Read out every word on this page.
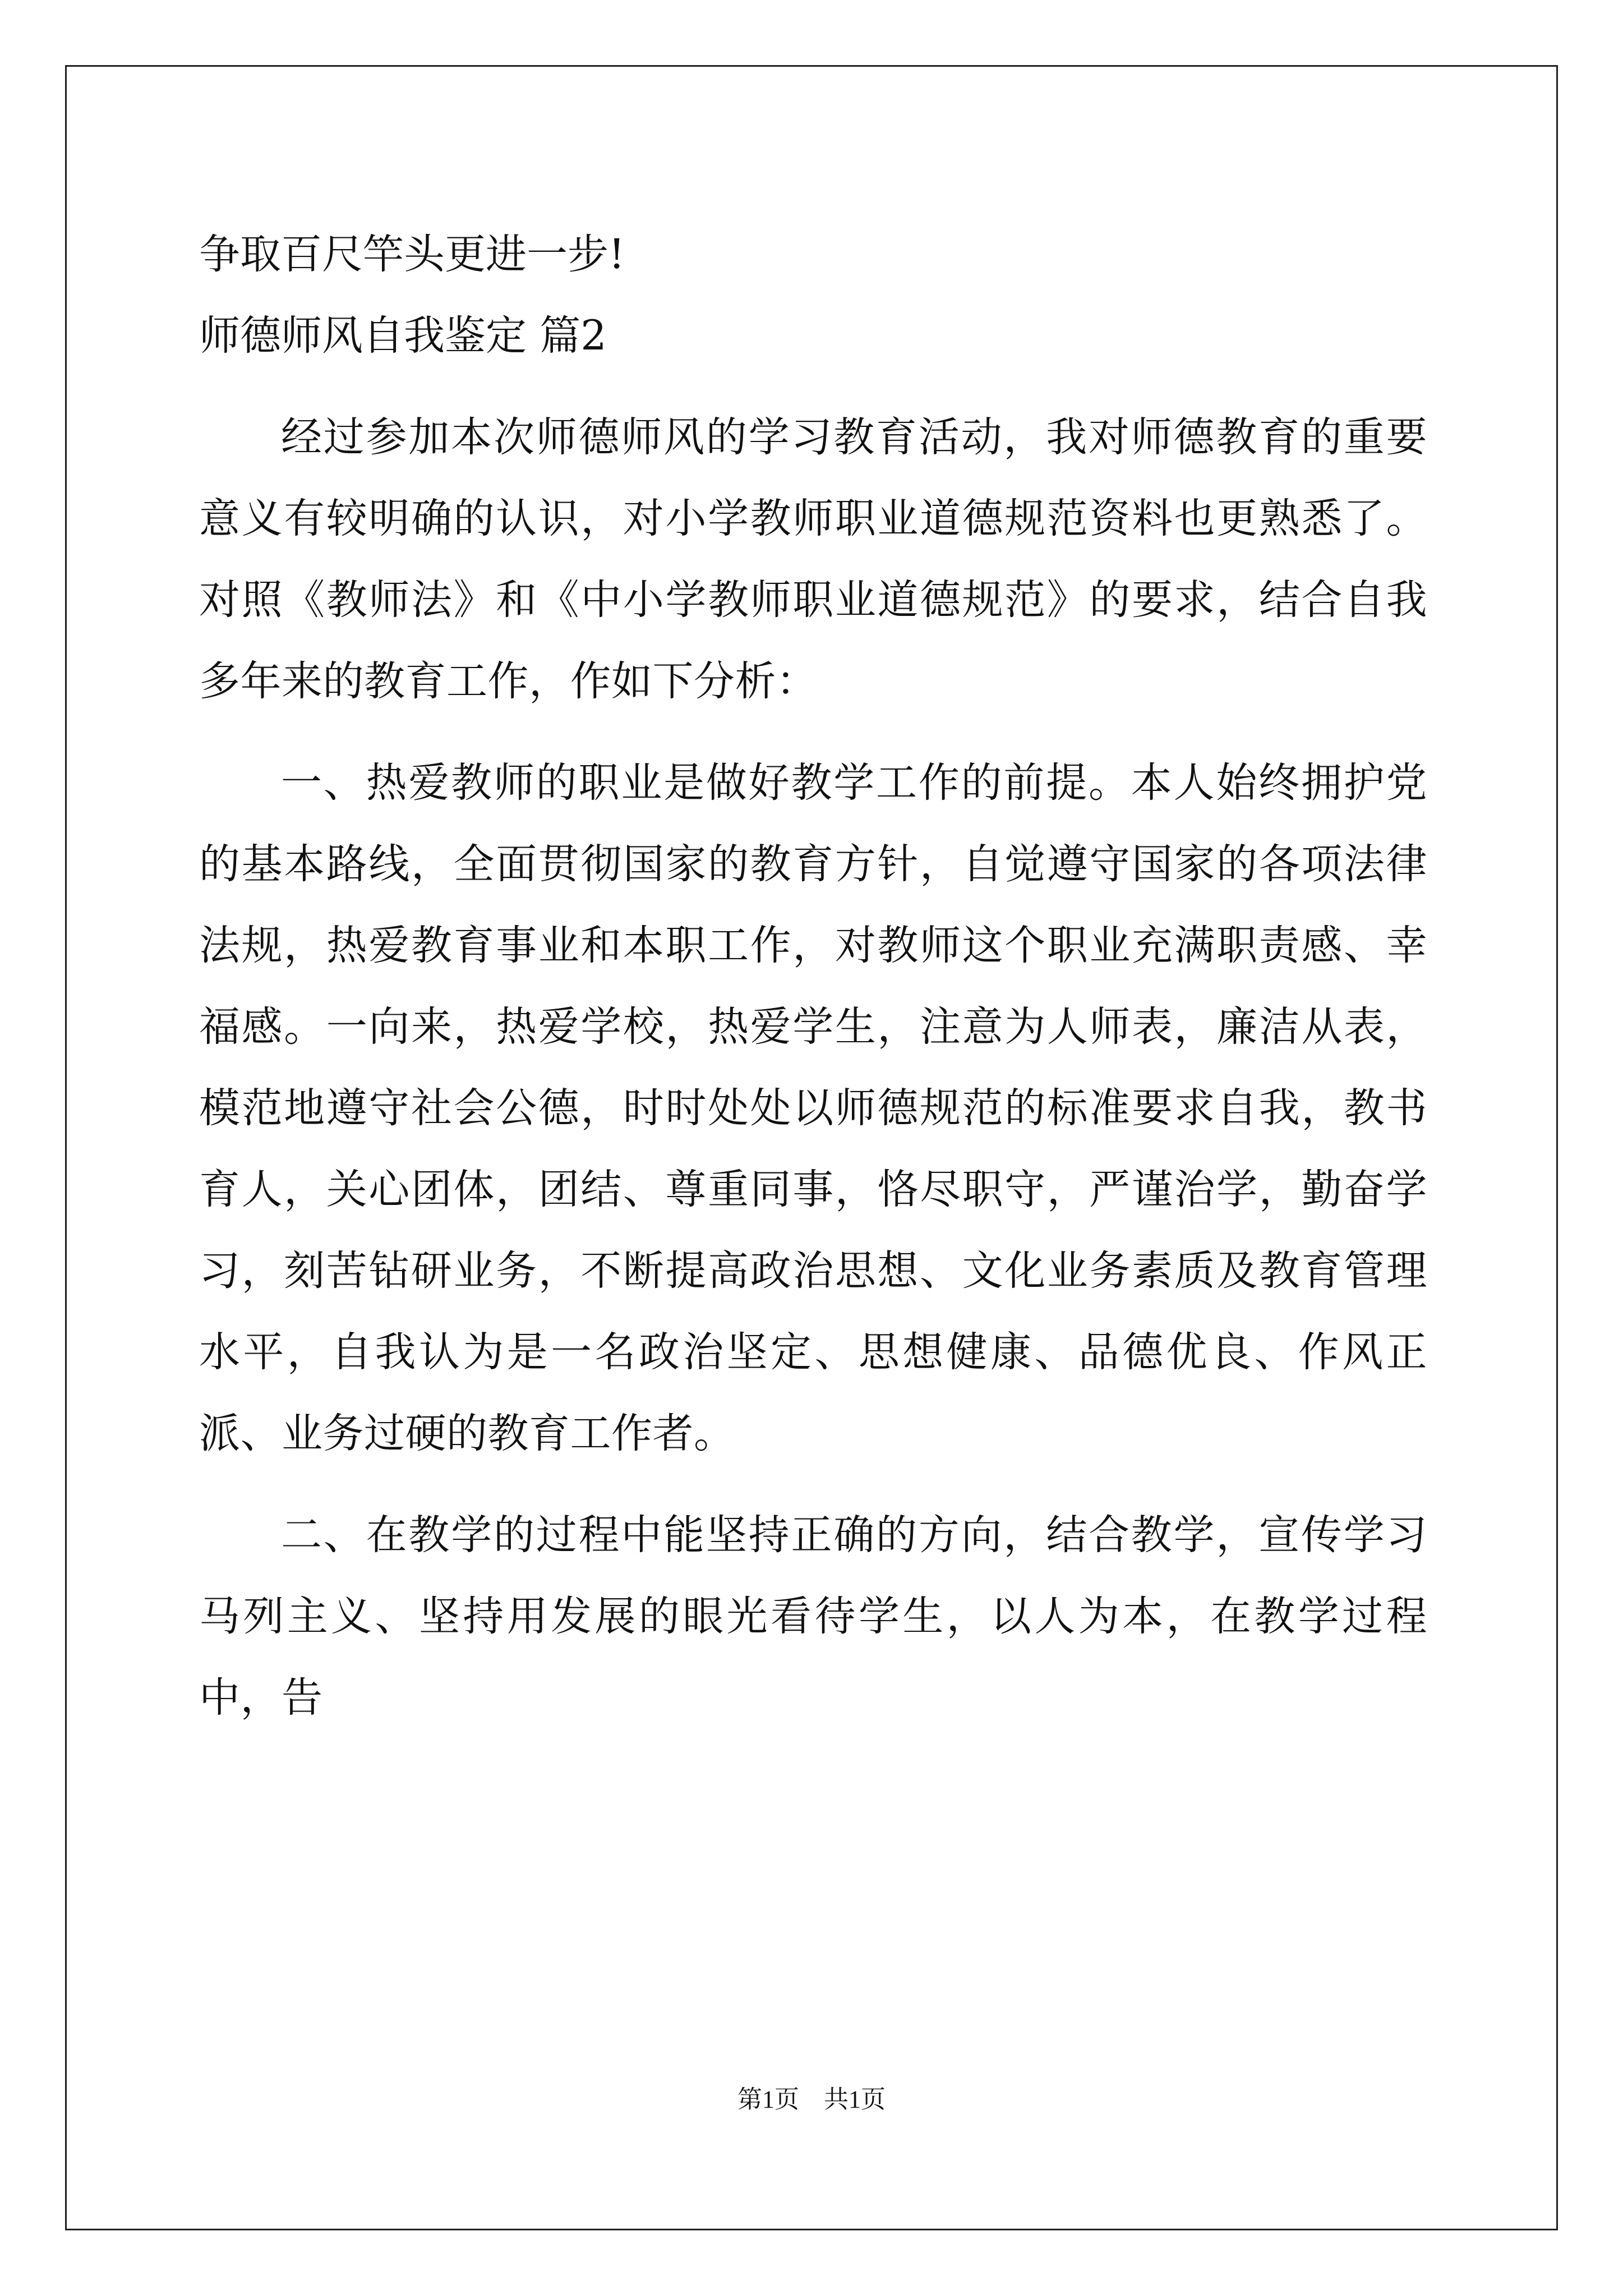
争取百尺竿头更进一步!
师德师风自我鉴定 篇2

经过参加本次师德师风的学习教育活动，我对师德教育的重要意义有较明确的认识，对小学教师职业道德规范资料也更熟悉了。对照《教师法》和《中小学教师职业道德规范》的要求，结合自我多年来的教育工作，作如下分析：

一、热爱教师的职业是做好教学工作的前提。本人始终拥护党的基本路线，全面贯彻国家的教育方针，自觉遵守国家的各项法律法规，热爱教育事业和本职工作，对教师这个职业充满职责感、幸福感。一向来，热爱学校，热爱学生，注意为人师表，廉洁从表，模范地遵守社会公德，时时处处以师德规范的标准要求自我，教书育人，关心团体，团结、尊重同事，恪尽职守，严谨治学，勤奋学习，刻苦钻研业务，不断提高政治思想、文化业务素质及教育管理水平，自我认为是一名政治坚定、思想健康、品德优良、作风正派、业务过硬的教育工作者。

二、在教学的过程中能坚持正确的方向，结合教学，宣传学习马列主义、坚持用发展的眼光看待学生，以人为本，在教学过程中，告

第1页　共1页
